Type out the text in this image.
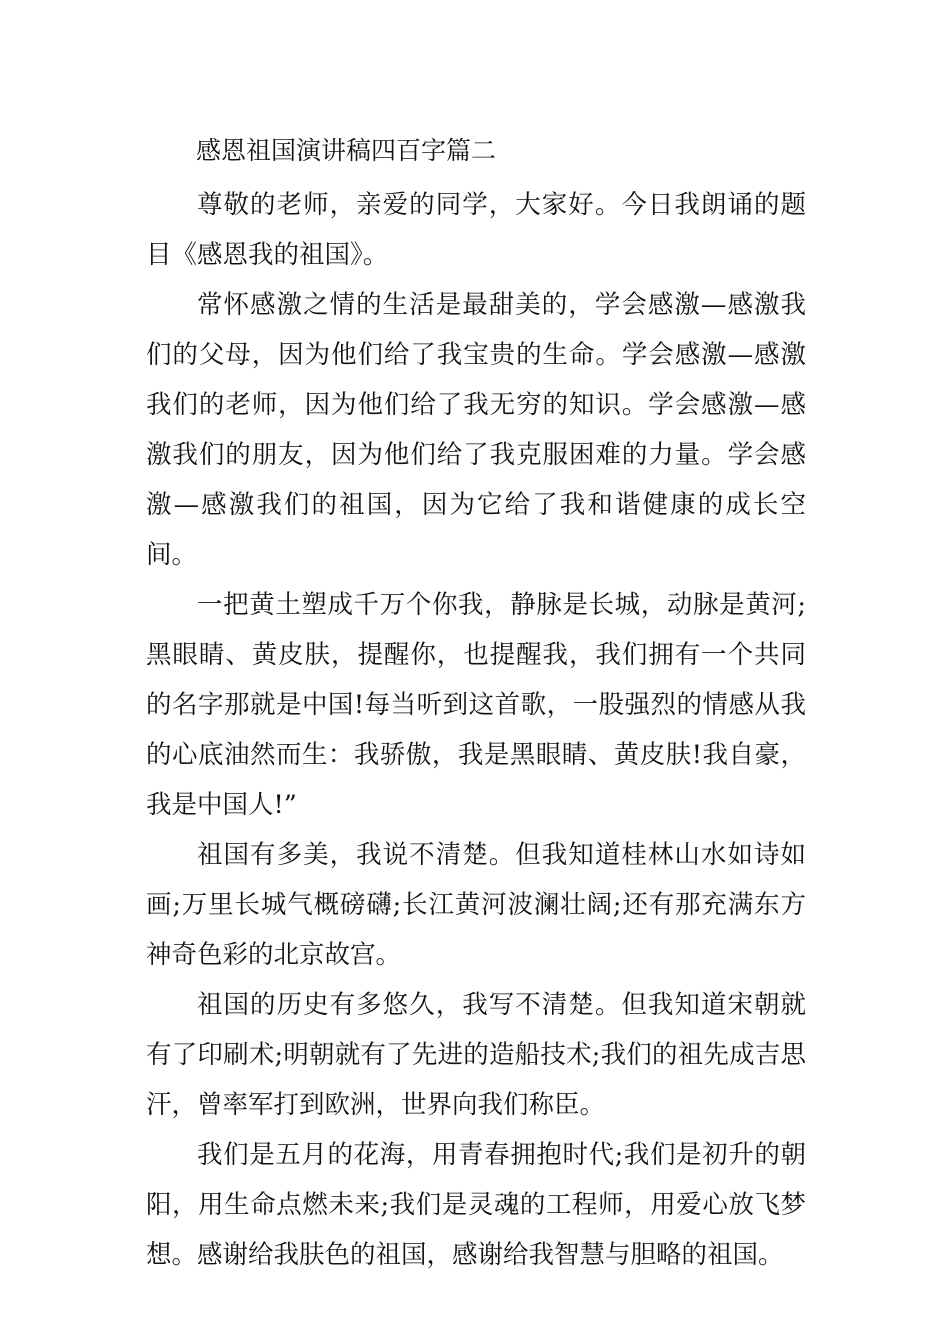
感恩祖国演讲稿四百字篇二

尊敬的老师，亲爱的同学，大家好。今日我朗诵的题目《感恩我的祖国》。

常怀感激之情的生活是最甜美的，学会感激—感激我们的父母，因为他们给了我宝贵的生命。学会感激—感激我们的老师，因为他们给了我无穷的知识。学会感激—感激我们的朋友，因为他们给了我克服困难的力量。学会感激—感激我们的祖国，因为它给了我和谐健康的成长空间。

一把黄土塑成千万个你我，静脉是长城，动脉是黄河;黑眼睛、黄皮肤，提醒你，也提醒我，我们拥有一个共同的名字那就是中国!每当听到这首歌，一股强烈的情感从我的心底油然而生：我骄傲，我是黑眼睛、黄皮肤!我自豪，我是中国人!”

祖国有多美，我说不清楚。但我知道桂林山水如诗如画;万里长城气概磅礴;长江黄河波澜壮阔;还有那充满东方神奇色彩的北京故宫。

祖国的历史有多悠久，我写不清楚。但我知道宋朝就有了印刷术;明朝就有了先进的造船技术;我们的祖先成吉思汗，曾率军打到欧洲，世界向我们称臣。

我们是五月的花海，用青春拥抱时代;我们是初升的朝阳，用生命点燃未来;我们是灵魂的工程师，用爱心放飞梦想。感谢给我肤色的祖国，感谢给我智慧与胆略的祖国。
